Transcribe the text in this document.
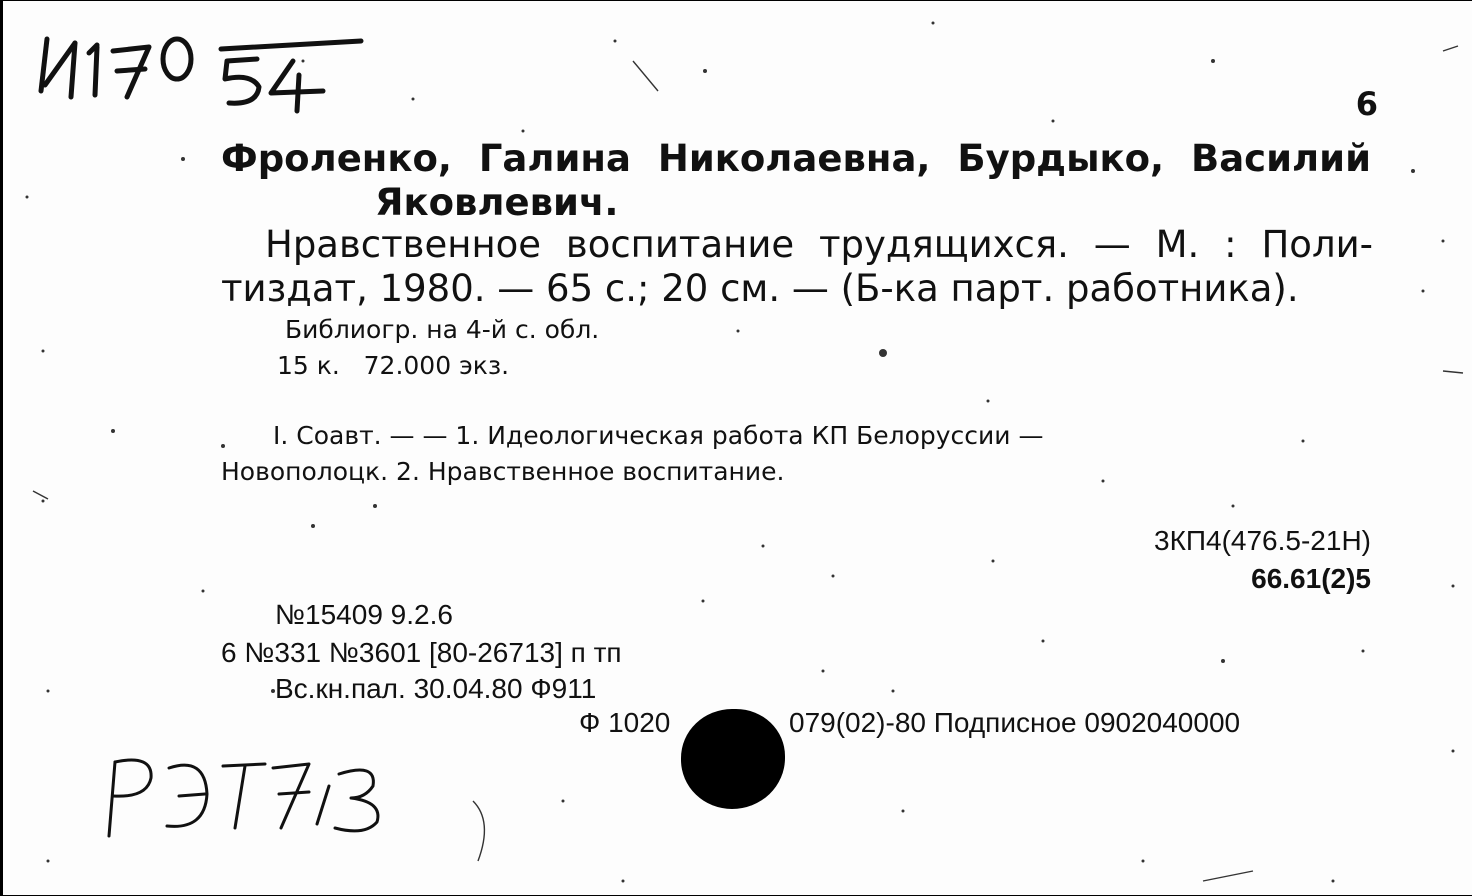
6
Фроленко, Галина Николаевна, Бурдыко, Василий
Яковлевич.
Нравственное воспитание трудящихся. — М. : Поли-
тиздат, 1980. — 65 с.; 20 см. — (Б-ка парт. работника).
Библиогр. на 4-й с. обл.
15 к.   72.000 экз.
I. Соавт. — — 1. Идеологическая работа КП Белоруссии —
Новополоцк. 2. Нравственное воспитание.
3КП4(476.5-21Н)
66.61(2)5
№15409 9.2.6
6 №331 №3601 [80-26713] п тп
Вс.кн.пал. 30.04.80 Ф911
Ф 1020	079(02)-80 Подписное 0902040000
